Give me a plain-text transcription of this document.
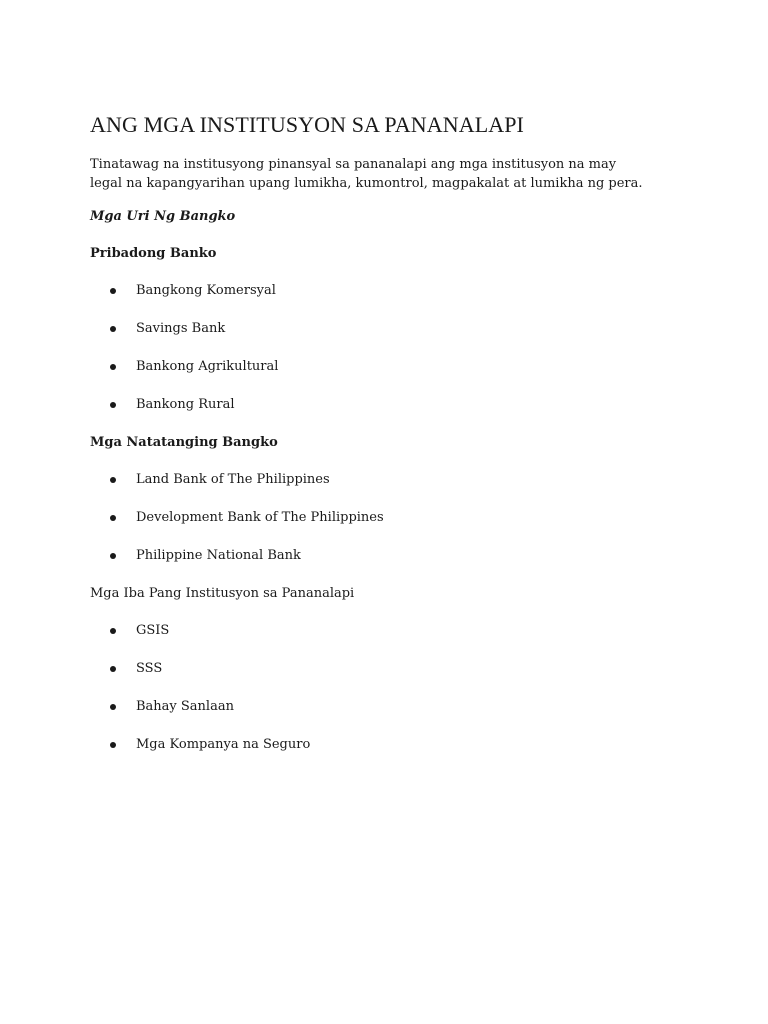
ANG MGA INSTITUSYON SA PANANALAPI

Tinatawag na institusyong pinansyal sa pananalapi ang mga institusyon na may legal na kapangyarihan upang lumikha, kumontrol, magpakalat at lumikha ng pera.

Mga Uri Ng Bangko

Pribadong Banko

Bangkong Komersyal
Savings Bank
Bankong Agrikultural
Bankong Rural

Mga Natatanging Bangko

Land Bank of The Philippines
Development Bank of The Philippines
Philippine National Bank

Mga Iba Pang Institusyon sa Pananalapi

GSIS
SSS
Bahay Sanlaan
Mga Kompanya na Seguro
